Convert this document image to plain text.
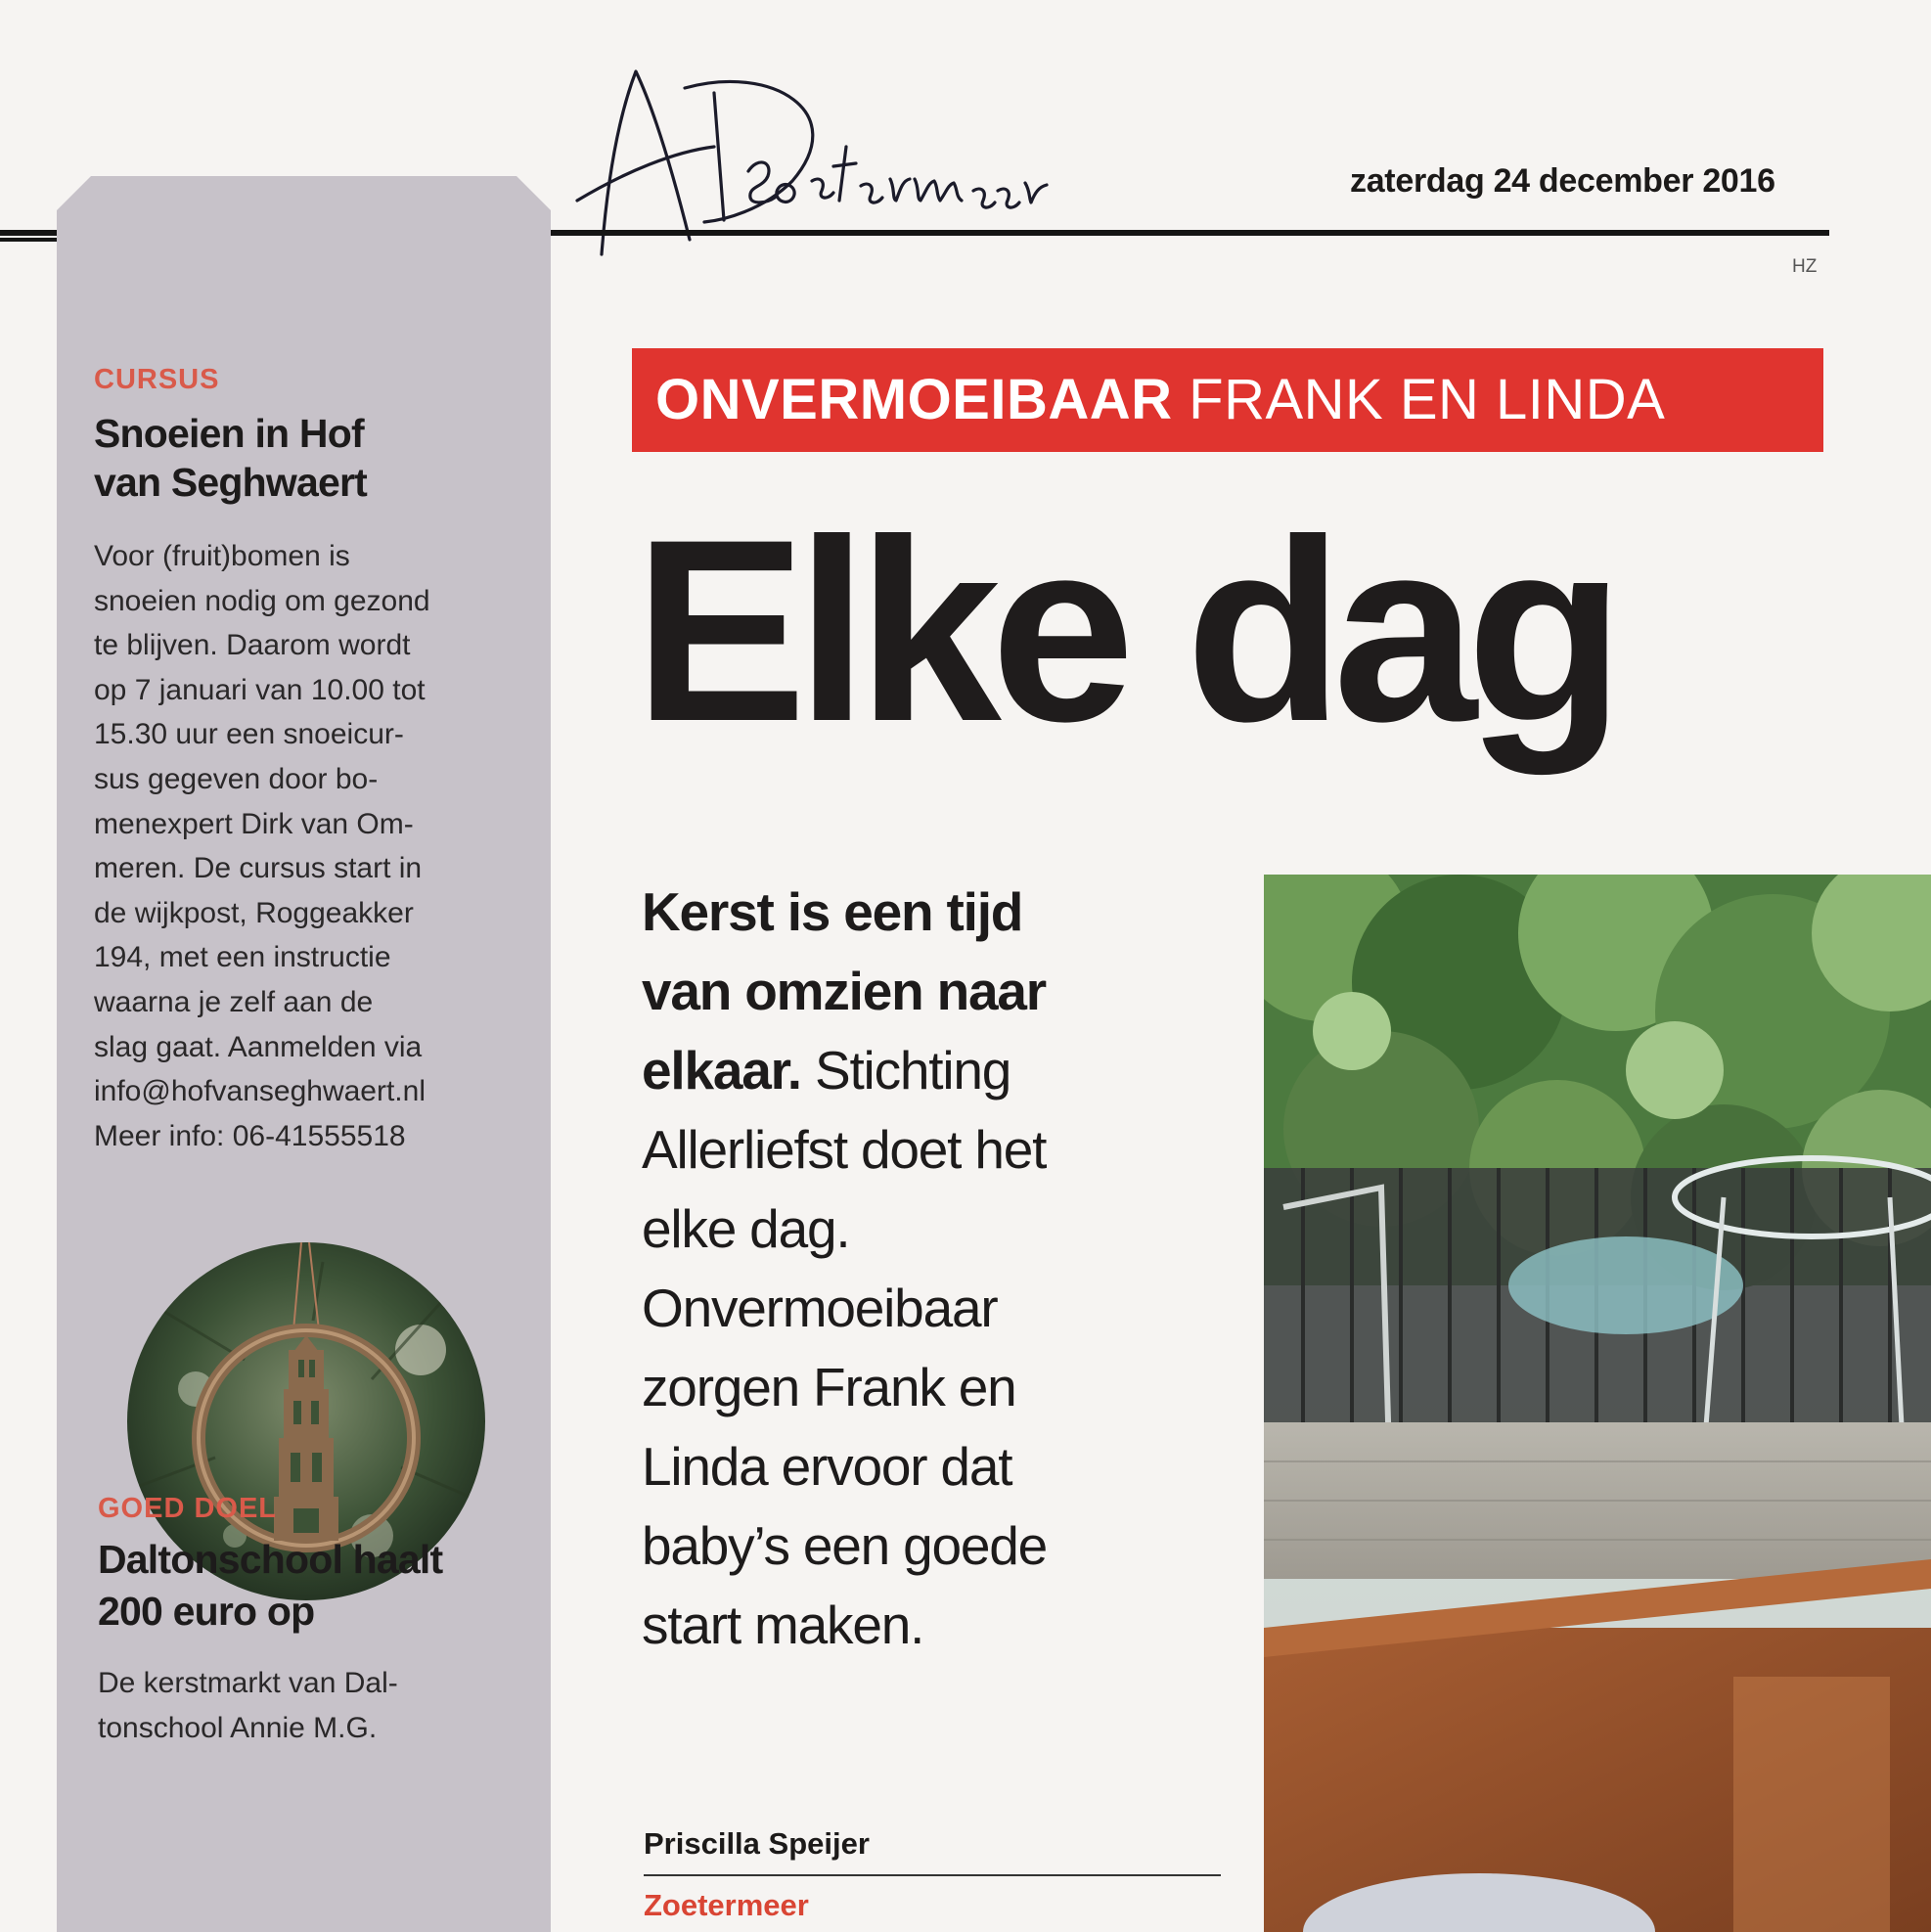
AD Zoetermeer
zaterdag 24 december 2016
HZ
CURSUS
Snoeien in Hof
van Seghwaert
Voor (fruit)bomen is
snoeien nodig om gezond
te blijven. Daarom wordt
op 7 januari van 10.00 tot
15.30 uur een snoeicur-
sus gegeven door bo-
menexpert Dirk van Om-
meren. De cursus start in
de wijkpost, Roggeakker
194, met een instructie
waarna je zelf aan de
slag gaat. Aanmelden via
info@hofvanseghwaert.nl
Meer info: 06-41555518
GOED DOEL
Daltonschool haalt
200 euro op
De kerstmarkt van Dal-
tonschool Annie M.G.
ONVERMOEIBAAR FRANK EN LINDA
Elke dag
Kerst is een tijd
van omzien naar
elkaar. Stichting
Allerliefst doet het
elke dag.
Onvermoeibaar
zorgen Frank en
Linda ervoor dat
baby’s een goede
start maken.
Priscilla Speijer
Zoetermeer
